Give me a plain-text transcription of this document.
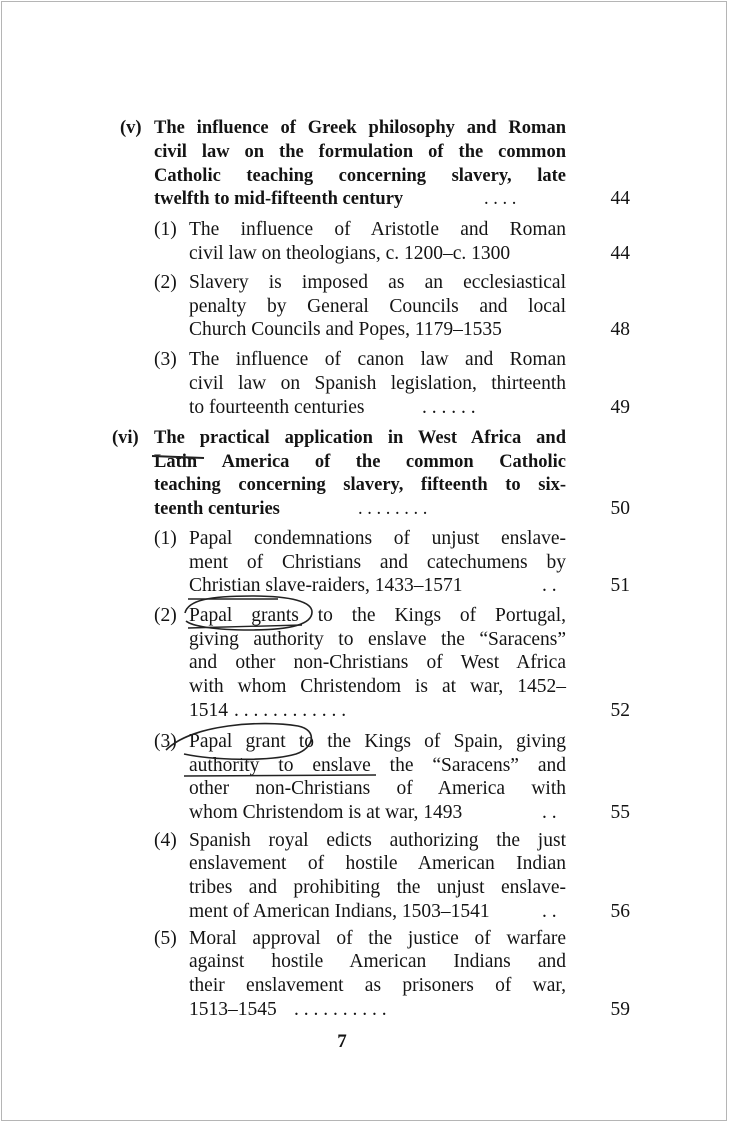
(v) The influence of Greek philosophy and Roman
civil law on the formulation of the common
Catholic teaching concerning slavery, late
twelfth to mid-fifteenth century	. . . .	44
(1) The influence of Aristotle and Roman
civil law on theologians, c. 1200–c. 1300	44
(2) Slavery is imposed as an ecclesiastical
penalty by General Councils and local
Church Councils and Popes, 1179–1535	48
(3) The influence of canon law and Roman
civil law on Spanish legislation, thirteenth
to fourteenth centuries	. . . . . .	49
(vi) The practical application in West Africa and
Latin America of the common Catholic
teaching concerning slavery, fifteenth to six-
teenth centuries	. . . . . . . .	50
(1) Papal condemnations of unjust enslave-
ment of Christians and catechumens by
Christian slave-raiders, 1433–1571	. .	51
(2) Papal grants to the Kings of Portugal,
giving authority to enslave the “Saracens”
and other non-Christians of West Africa
with whom Christendom is at war, 1452–
1514 . . . . . . . . . . . .	52
(3) Papal grant to the Kings of Spain, giving
authority to enslave the “Saracens” and
other non-Christians of America with
whom Christendom is at war, 1493	. .	55
(4) Spanish royal edicts authorizing the just
enslavement of hostile American Indian
tribes and prohibiting the unjust enslave-
ment of American Indians, 1503–1541	. .	56
(5) Moral approval of the justice of warfare
against hostile American Indians and
their enslavement as prisoners of war,
1513–1545 . . . . . . . . . .	59
7
